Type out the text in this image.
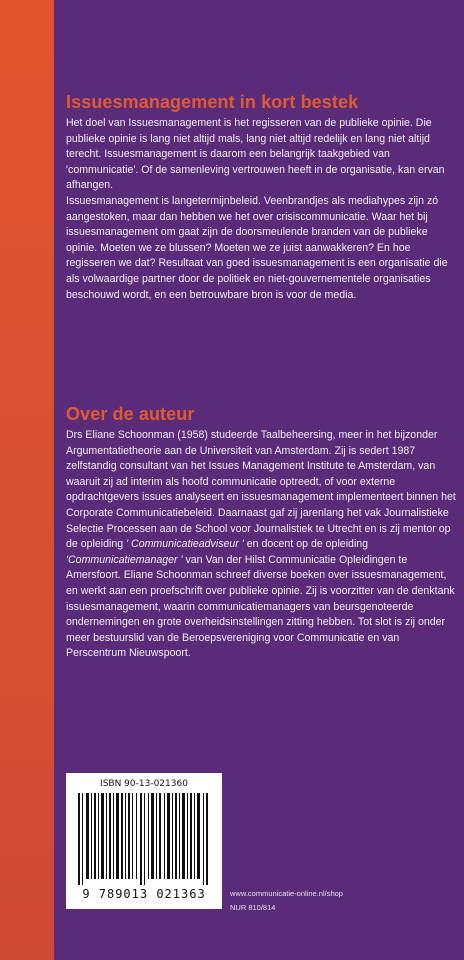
Issuesmanagement in kort bestek

Het doel van Issuesmanagement is het regisseren van de publieke opinie. Die publieke opinie is lang niet altijd mals, lang niet altijd redelijk en lang niet altijd terecht. Issuesmanagement is daarom een belangrijk taakgebied van 'communicatie'. Of de samenleving vertrouwen heeft in de organisatie, kan ervan afhangen.

Issuesmanagement is langetermijnbeleid. Veenbrandjes als mediahypes zijn zó aangestoken, maar dan hebben we het over crisiscommunicatie. Waar het bij issuesmanagement om gaat zijn de doorsmeulende branden van de publieke opinie. Moeten we ze blussen? Moeten we ze juist aanwakkeren? En hoe regisseren we dat? Resultaat van goed issuesmanagement is een organisatie die als volwaardige partner door de politiek en niet-gouvernementele organisaties beschouwd wordt, en een betrouwbare bron is voor de media.

Over de auteur

Drs Eliane Schoonman (1958) studeerde Taalbeheersing, meer in het bijzonder Argumentatietheorie aan de Universiteit van Amsterdam. Zij is sedert 1987 zelfstandig consultant van het Issues Management Institute te Amsterdam, van waaruit zij ad interim als hoofd communicatie optreedt, of voor externe opdrachtgevers issues analyseert en issuesmanagement implementeert binnen het Corporate Communicatiebeleid. Daarnaast gaf zij jarenlang het vak Journalistieke Selectie Processen aan de School voor Journalistiek te Utrecht en is zij mentor op de opleiding ' Communicatieadviseur ' en docent op de opleiding 'Communicatiemanager ' van Van der Hilst Communicatie Opleidingen te Amersfoort. Eliane Schoonman schreef diverse boeken over issuesmanagement, en werkt aan een proefschrift over publieke opinie. Zij is voorzitter van de denktank issuesmanagement, waarin communicatiemanagers van beursgenoteerde ondernemingen en grote overheidsinstellingen zitting hebben. Tot slot is zij onder meer bestuurslid van de Beroepsvereniging voor Communicatie en van Perscentrum Nieuwspoort.

ISBN 90-13-021360
9 789013 021363	www.communicatie-online.nl/shop

NUR 810/814
